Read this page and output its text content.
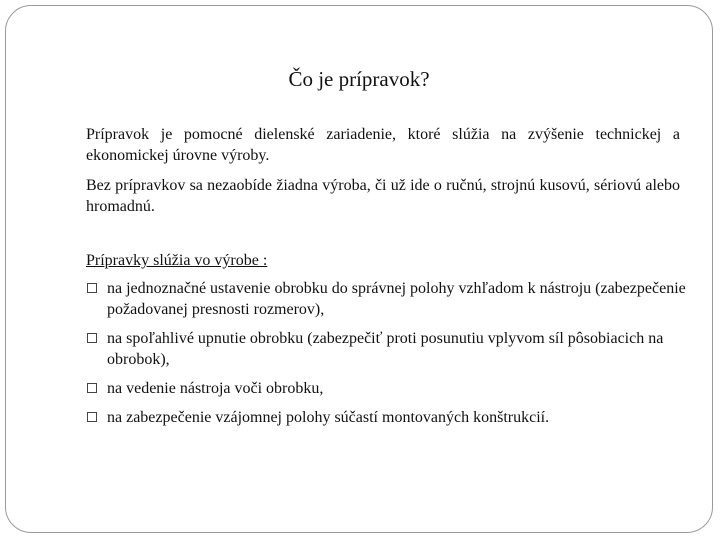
Čo je prípravok?
Prípravok je pomocné dielenské zariadenie, ktoré slúžia na zvýšenie technickej a ekonomickej úrovne výroby.
Bez prípravkov sa nezaobíde žiadna výroba, či už ide o ručnú, strojnú kusovú, sériovú alebo hromadnú.
Prípravky slúžia vo výrobe :
na jednoznačné ustavenie obrobku do správnej polohy vzhľadom k nástroju (zabezpečenie požadovanej presnosti rozmerov),
na spoľahlivé upnutie obrobku (zabezpečiť proti posunutiu vplyvom síl pôsobiacich na obrobok),
na vedenie nástroja voči obrobku,
na zabezpečenie vzájomnej polohy súčastí montovaných konštrukcií.
